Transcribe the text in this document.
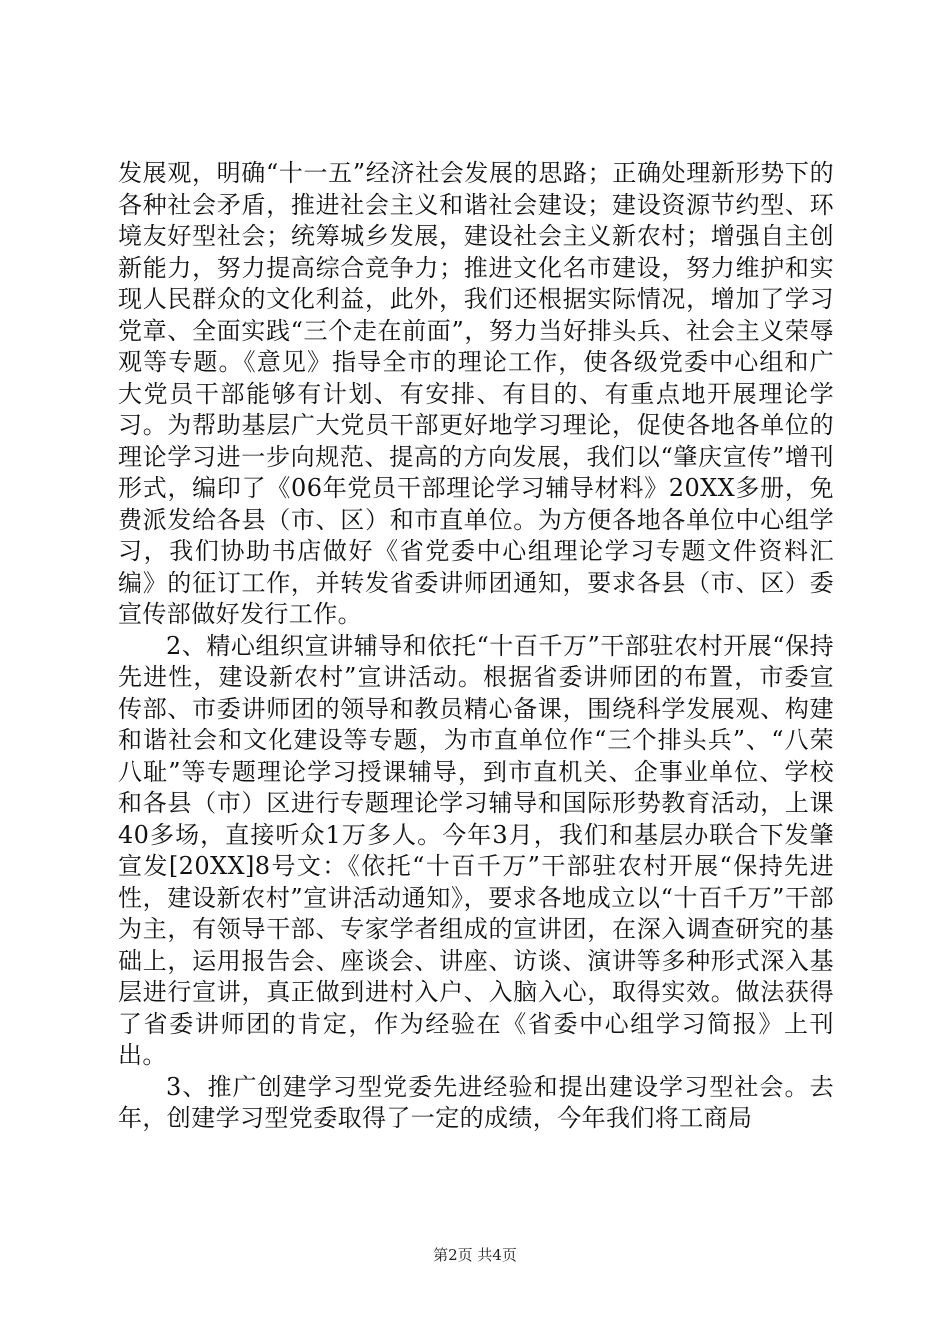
发展观，明确“十一五”经济社会发展的思路；正确处理新形势下的各种社会矛盾，推进社会主义和谐社会建设；建设资源节约型、环境友好型社会；统筹城乡发展，建设社会主义新农村；增强自主创新能力，努力提高综合竞争力；推进文化名市建设，努力维护和实现人民群众的文化利益，此外，我们还根据实际情况，增加了学习党章、全面实践“三个走在前面”，努力当好排头兵、社会主义荣辱观等专题。《意见》指导全市的理论工作，使各级党委中心组和广大党员干部能够有计划、有安排、有目的、有重点地开展理论学习。为帮助基层广大党员干部更好地学习理论，促使各地各单位的理论学习进一步向规范、提高的方向发展，我们以“肇庆宣传”增刊形式，编印了《06年党员干部理论学习辅导材料》20XX多册，免费派发给各县（市、区）和市直单位。为方便各地各单位中心组学习，我们协助书店做好《省党委中心组理论学习专题文件资料汇编》的征订工作，并转发省委讲师团通知，要求各县（市、区）委宣传部做好发行工作。

2、精心组织宣讲辅导和依托“十百千万”干部驻农村开展“保持先进性，建设新农村”宣讲活动。根据省委讲师团的布置，市委宣传部、市委讲师团的领导和教员精心备课，围绕科学发展观、构建和谐社会和文化建设等专题，为市直单位作“三个排头兵”、“八荣八耻”等专题理论学习授课辅导，到市直机关、企事业单位、学校和各县（市）区进行专题理论学习辅导和国际形势教育活动，上课40多场，直接听众1万多人。今年3月，我们和基层办联合下发肇宣发[20XX]8号文：《依托“十百千万”干部驻农村开展“保持先进性，建设新农村”宣讲活动通知》，要求各地成立以“十百千万”干部为主，有领导干部、专家学者组成的宣讲团，在深入调查研究的基础上，运用报告会、座谈会、讲座、访谈、演讲等多种形式深入基层进行宣讲，真正做到进村入户、入脑入心，取得实效。做法获得了省委讲师团的肯定，作为经验在《省委中心组学习简报》上刊出。

3、推广创建学习型党委先进经验和提出建设学习型社会。去年，创建学习型党委取得了一定的成绩，今年我们将工商局

第2页 共4页
